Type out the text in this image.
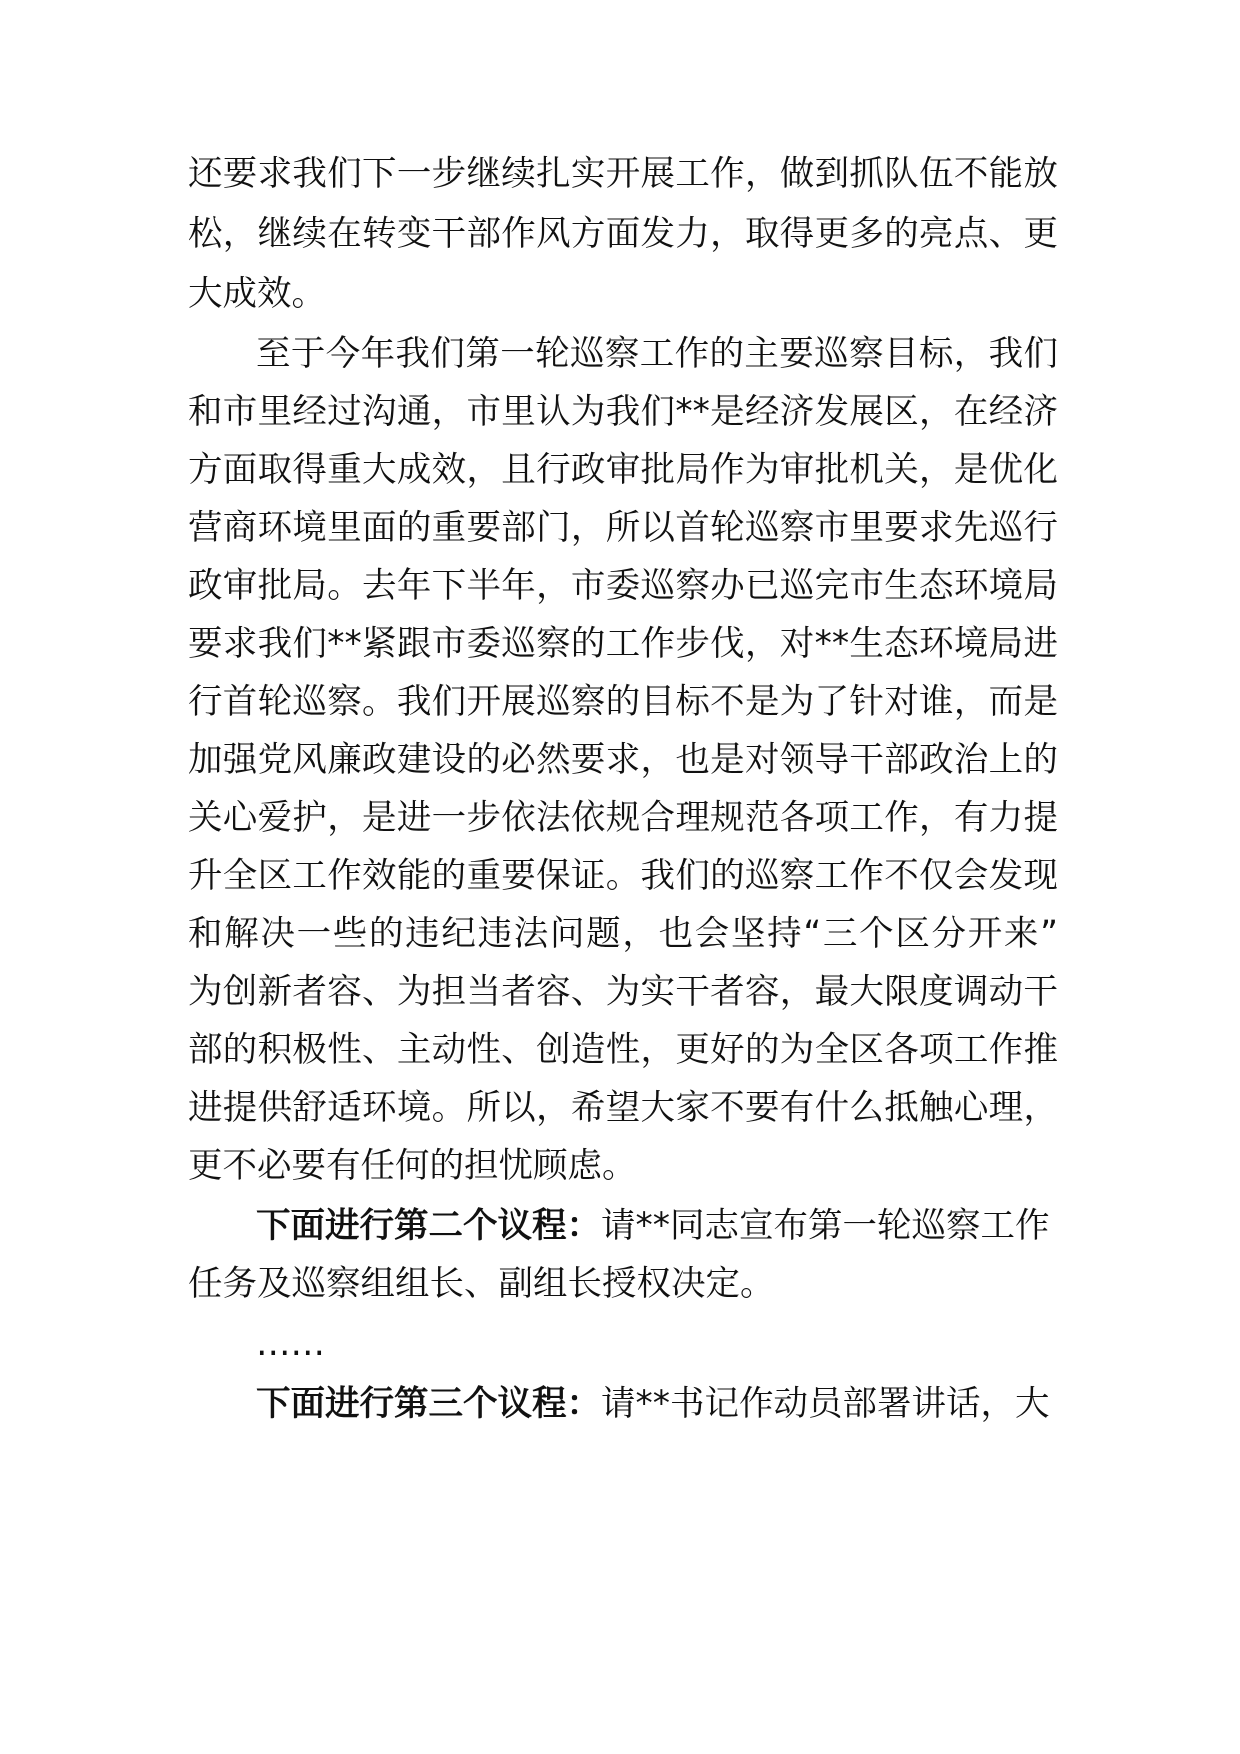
还要求我们下一步继续扎实开展工作，做到抓队伍不能放
松，继续在转变干部作风方面发力，取得更多的亮点、更
大成效。
至于今年我们第一轮巡察工作的主要巡察目标，我们
和市里经过沟通，市里认为我们**是经济发展区，在经济
方面取得重大成效，且行政审批局作为审批机关，是优化
营商环境里面的重要部门，所以首轮巡察市里要求先巡行
政审批局。去年下半年，市委巡察办已巡完市生态环境局
要求我们**紧跟市委巡察的工作步伐，对**生态环境局进
行首轮巡察。我们开展巡察的目标不是为了针对谁，而是
加强党风廉政建设的必然要求，也是对领导干部政治上的
关心爱护，是进一步依法依规合理规范各项工作，有力提
升全区工作效能的重要保证。我们的巡察工作不仅会发现
和解决一些的违纪违法问题，也会坚持“三个区分开来”
为创新者容、为担当者容、为实干者容，最大限度调动干
部的积极性、主动性、创造性，更好的为全区各项工作推
进提供舒适环境。所以，希望大家不要有什么抵触心理，
更不必要有任何的担忧顾虑。
下面进行第二个议程：请**同志宣布第一轮巡察工作
任务及巡察组组长、副组长授权决定。
……
下面进行第三个议程：请**书记作动员部署讲话，大
